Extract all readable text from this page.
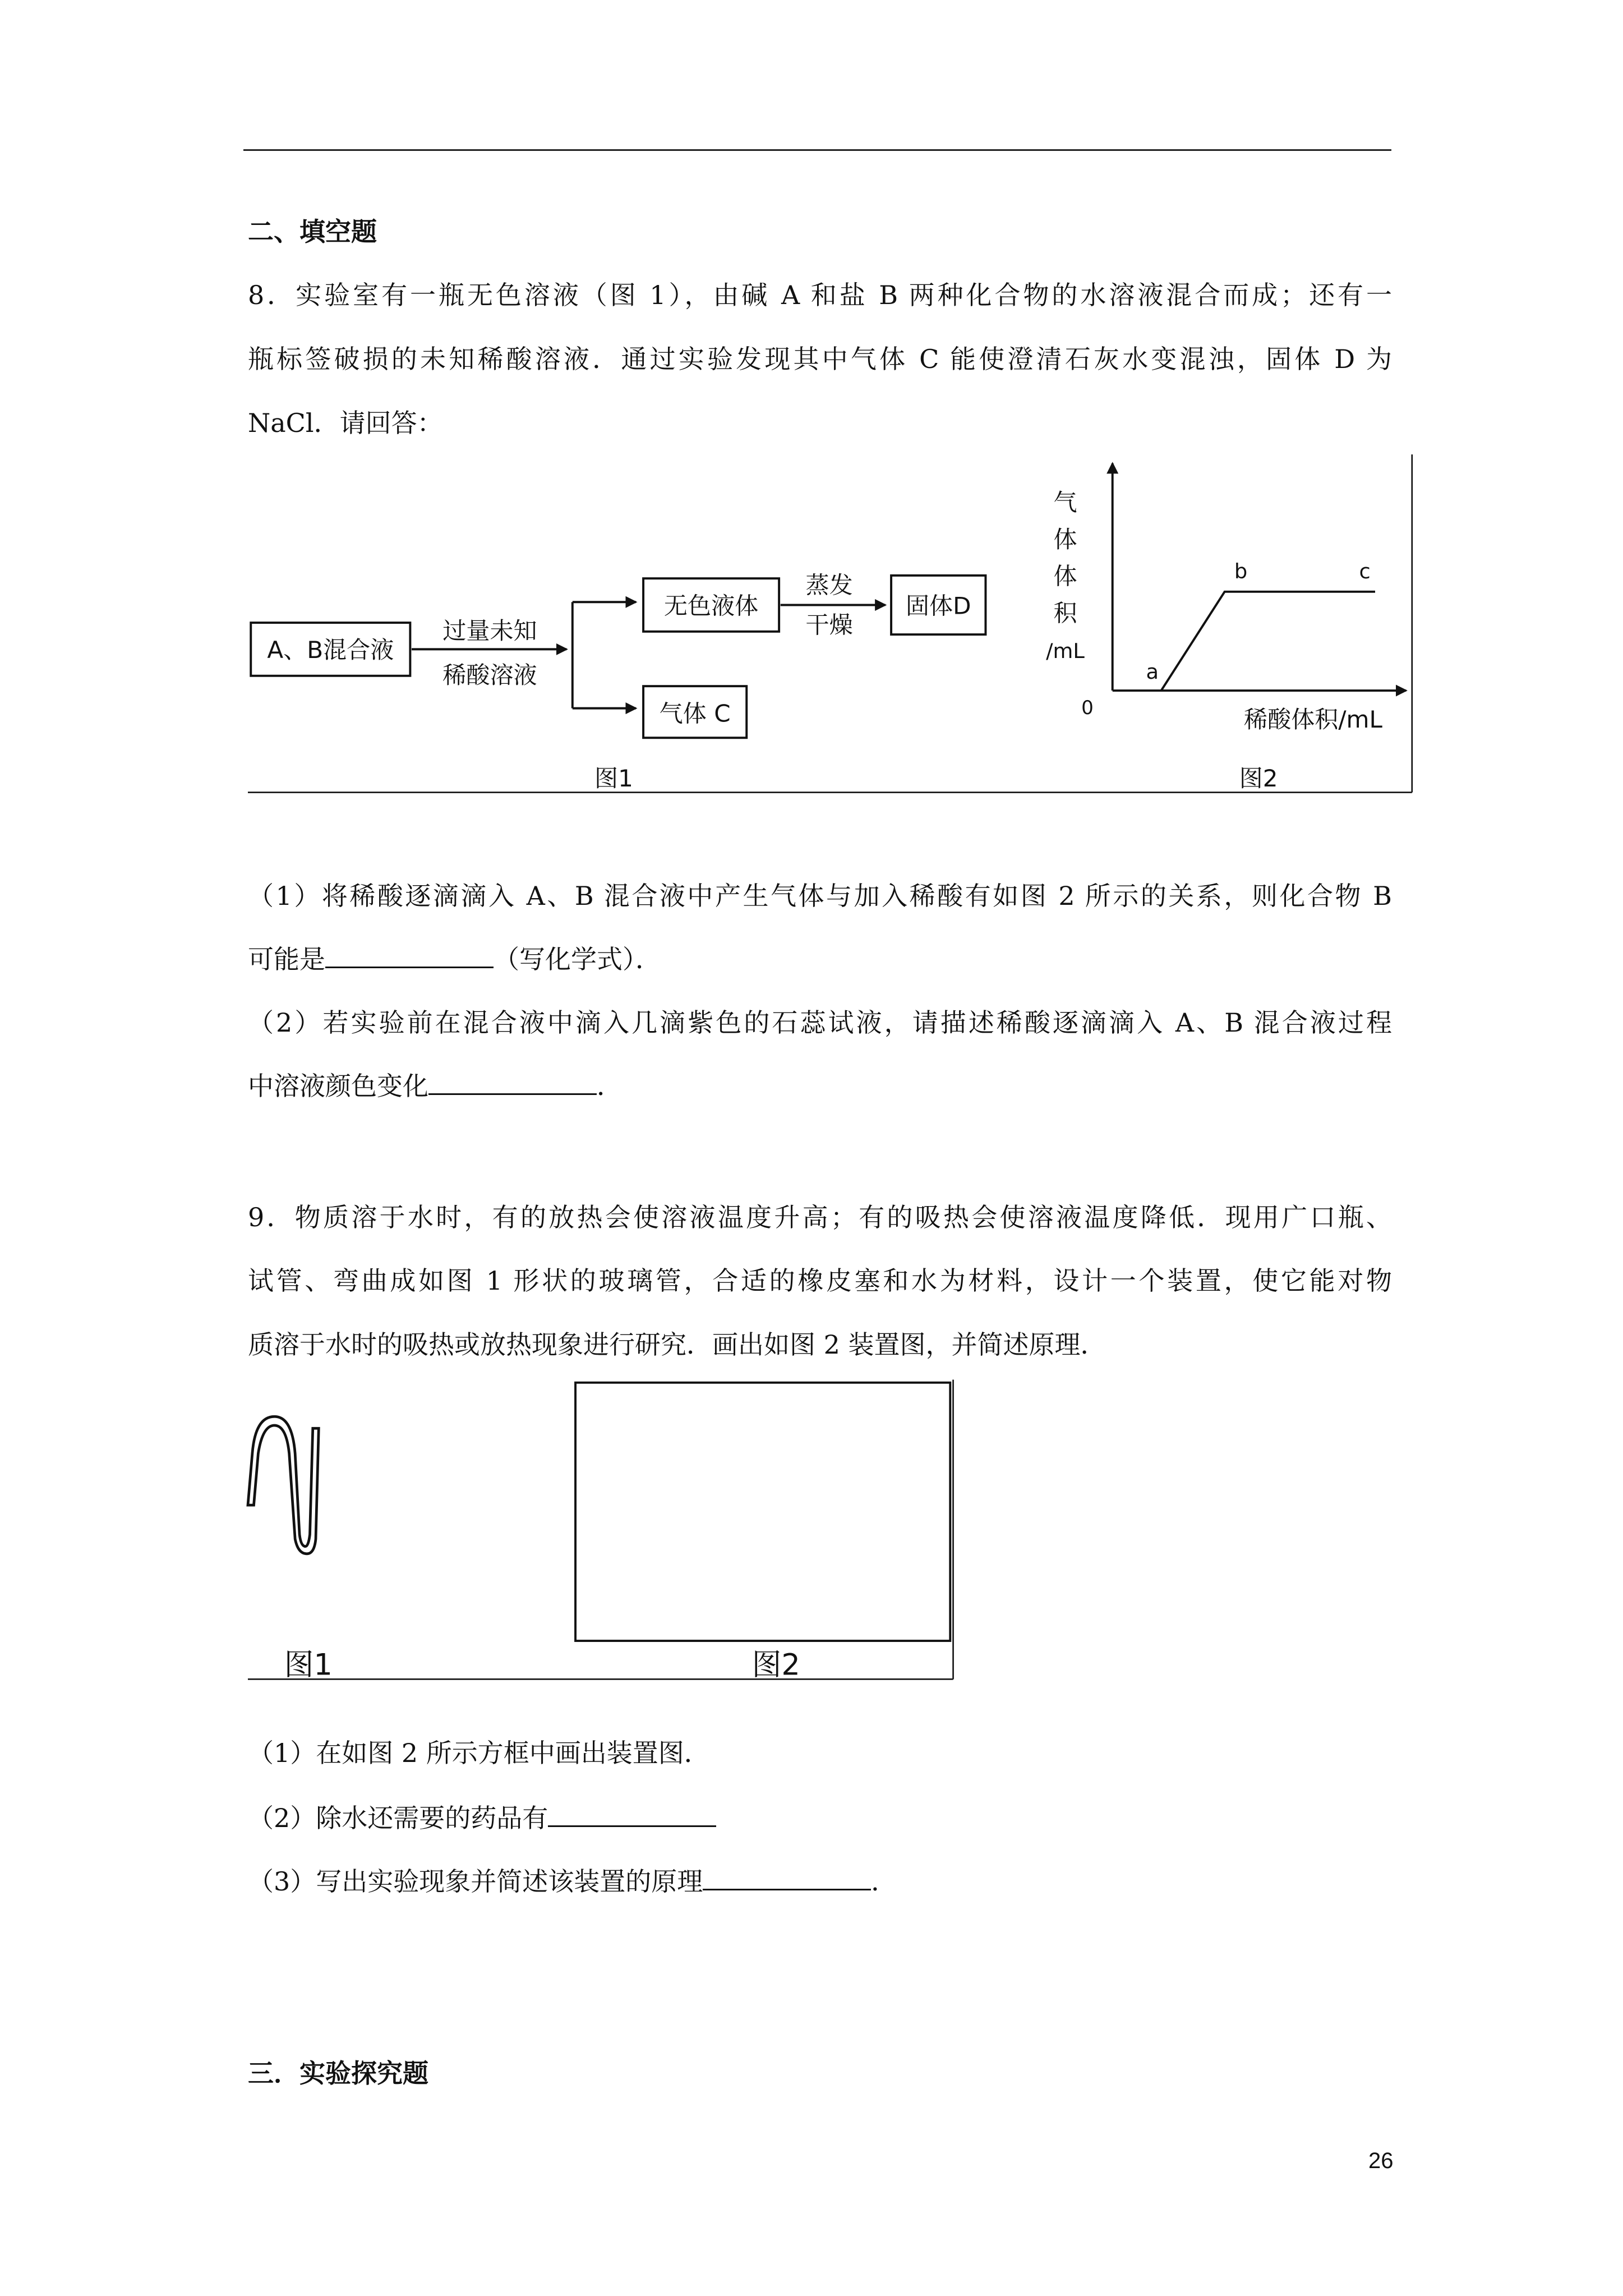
二、填空题
8．实验室有一瓶无色溶液（图 1），由碱 A 和盐 B 两种化合物的水溶液混合而成；还有一
瓶标签破损的未知稀酸溶液．通过实验发现其中气体 C 能使澄清石灰水变混浊，固体 D 为
NaCl．请回答：
（1）将稀酸逐滴滴入 A、B 混合液中产生气体与加入稀酸有如图 2 所示的关系，则化合物 B
可能是	（写化学式）．
（2）若实验前在混合液中滴入几滴紫色的石蕊试液，请描述稀酸逐滴滴入 A、B 混合液过程
中溶液颜色变化	．
9．物质溶于水时，有的放热会使溶液温度升高；有的吸热会使溶液温度降低．现用广口瓶、
试管、弯曲成如图 1 形状的玻璃管，合适的橡皮塞和水为材料，设计一个装置，使它能对物
质溶于水时的吸热或放热现象进行研究．画出如图 2 装置图，并简述原理．
（1）在如图 2 所示方框中画出装置图．
（2）除水还需要的药品有
（3）写出实验现象并简述该装置的原理	．
三．实验探究题
26
A、B混合液
过量未知
稀酸溶液
无色液体
蒸发
干燥
固体D
气体 C
图1
气
体
体
积
/mL
0
a
b	c
稀酸体积/mL
图2
图1	图2
